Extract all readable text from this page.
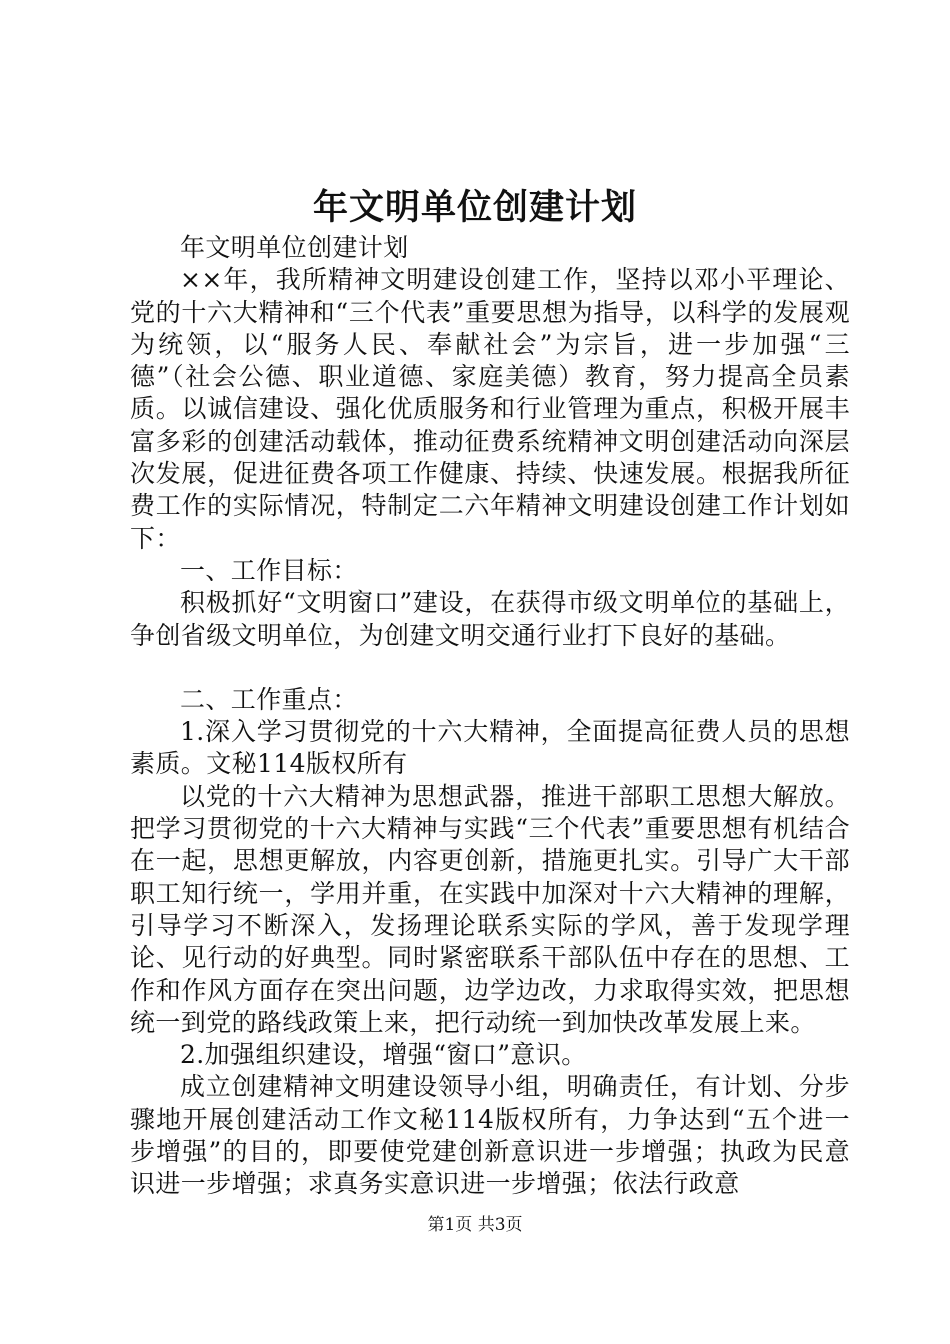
年文明单位创建计划

年文明单位创建计划

××年，我所精神文明建设创建工作，坚持以邓小平理论、党的十六大精神和“三个代表”重要思想为指导，以科学的发展观为统领，以“服务人民、奉献社会”为宗旨，进一步加强“三德”（社会公德、职业道德、家庭美德）教育，努力提高全员素质。以诚信建设、强化优质服务和行业管理为重点，积极开展丰富多彩的创建活动载体，推动征费系统精神文明创建活动向深层次发展，促进征费各项工作健康、持续、快速发展。根据我所征费工作的实际情况，特制定二六年精神文明建设创建工作计划如下：

一、工作目标：

积极抓好“文明窗口”建设，在获得市级文明单位的基础上，争创省级文明单位，为创建文明交通行业打下良好的基础。

二、工作重点：

1.深入学习贯彻党的十六大精神，全面提高征费人员的思想素质。文秘114版权所有

以党的十六大精神为思想武器，推进干部职工思想大解放。把学习贯彻党的十六大精神与实践“三个代表”重要思想有机结合在一起，思想更解放，内容更创新，措施更扎实。引导广大干部职工知行统一，学用并重，在实践中加深对十六大精神的理解，引导学习不断深入，发扬理论联系实际的学风，善于发现学理论、见行动的好典型。同时紧密联系干部队伍中存在的思想、工作和作风方面存在突出问题，边学边改，力求取得实效，把思想统一到党的路线政策上来，把行动统一到加快改革发展上来。

2.加强组织建设，增强“窗口”意识。

成立创建精神文明建设领导小组，明确责任，有计划、分步骤地开展创建活动工作文秘114版权所有，力争达到“五个进一步增强”的目的，即要使党建创新意识进一步增强；执政为民意识进一步增强；求真务实意识进一步增强；依法行政意

第1页 共3页
